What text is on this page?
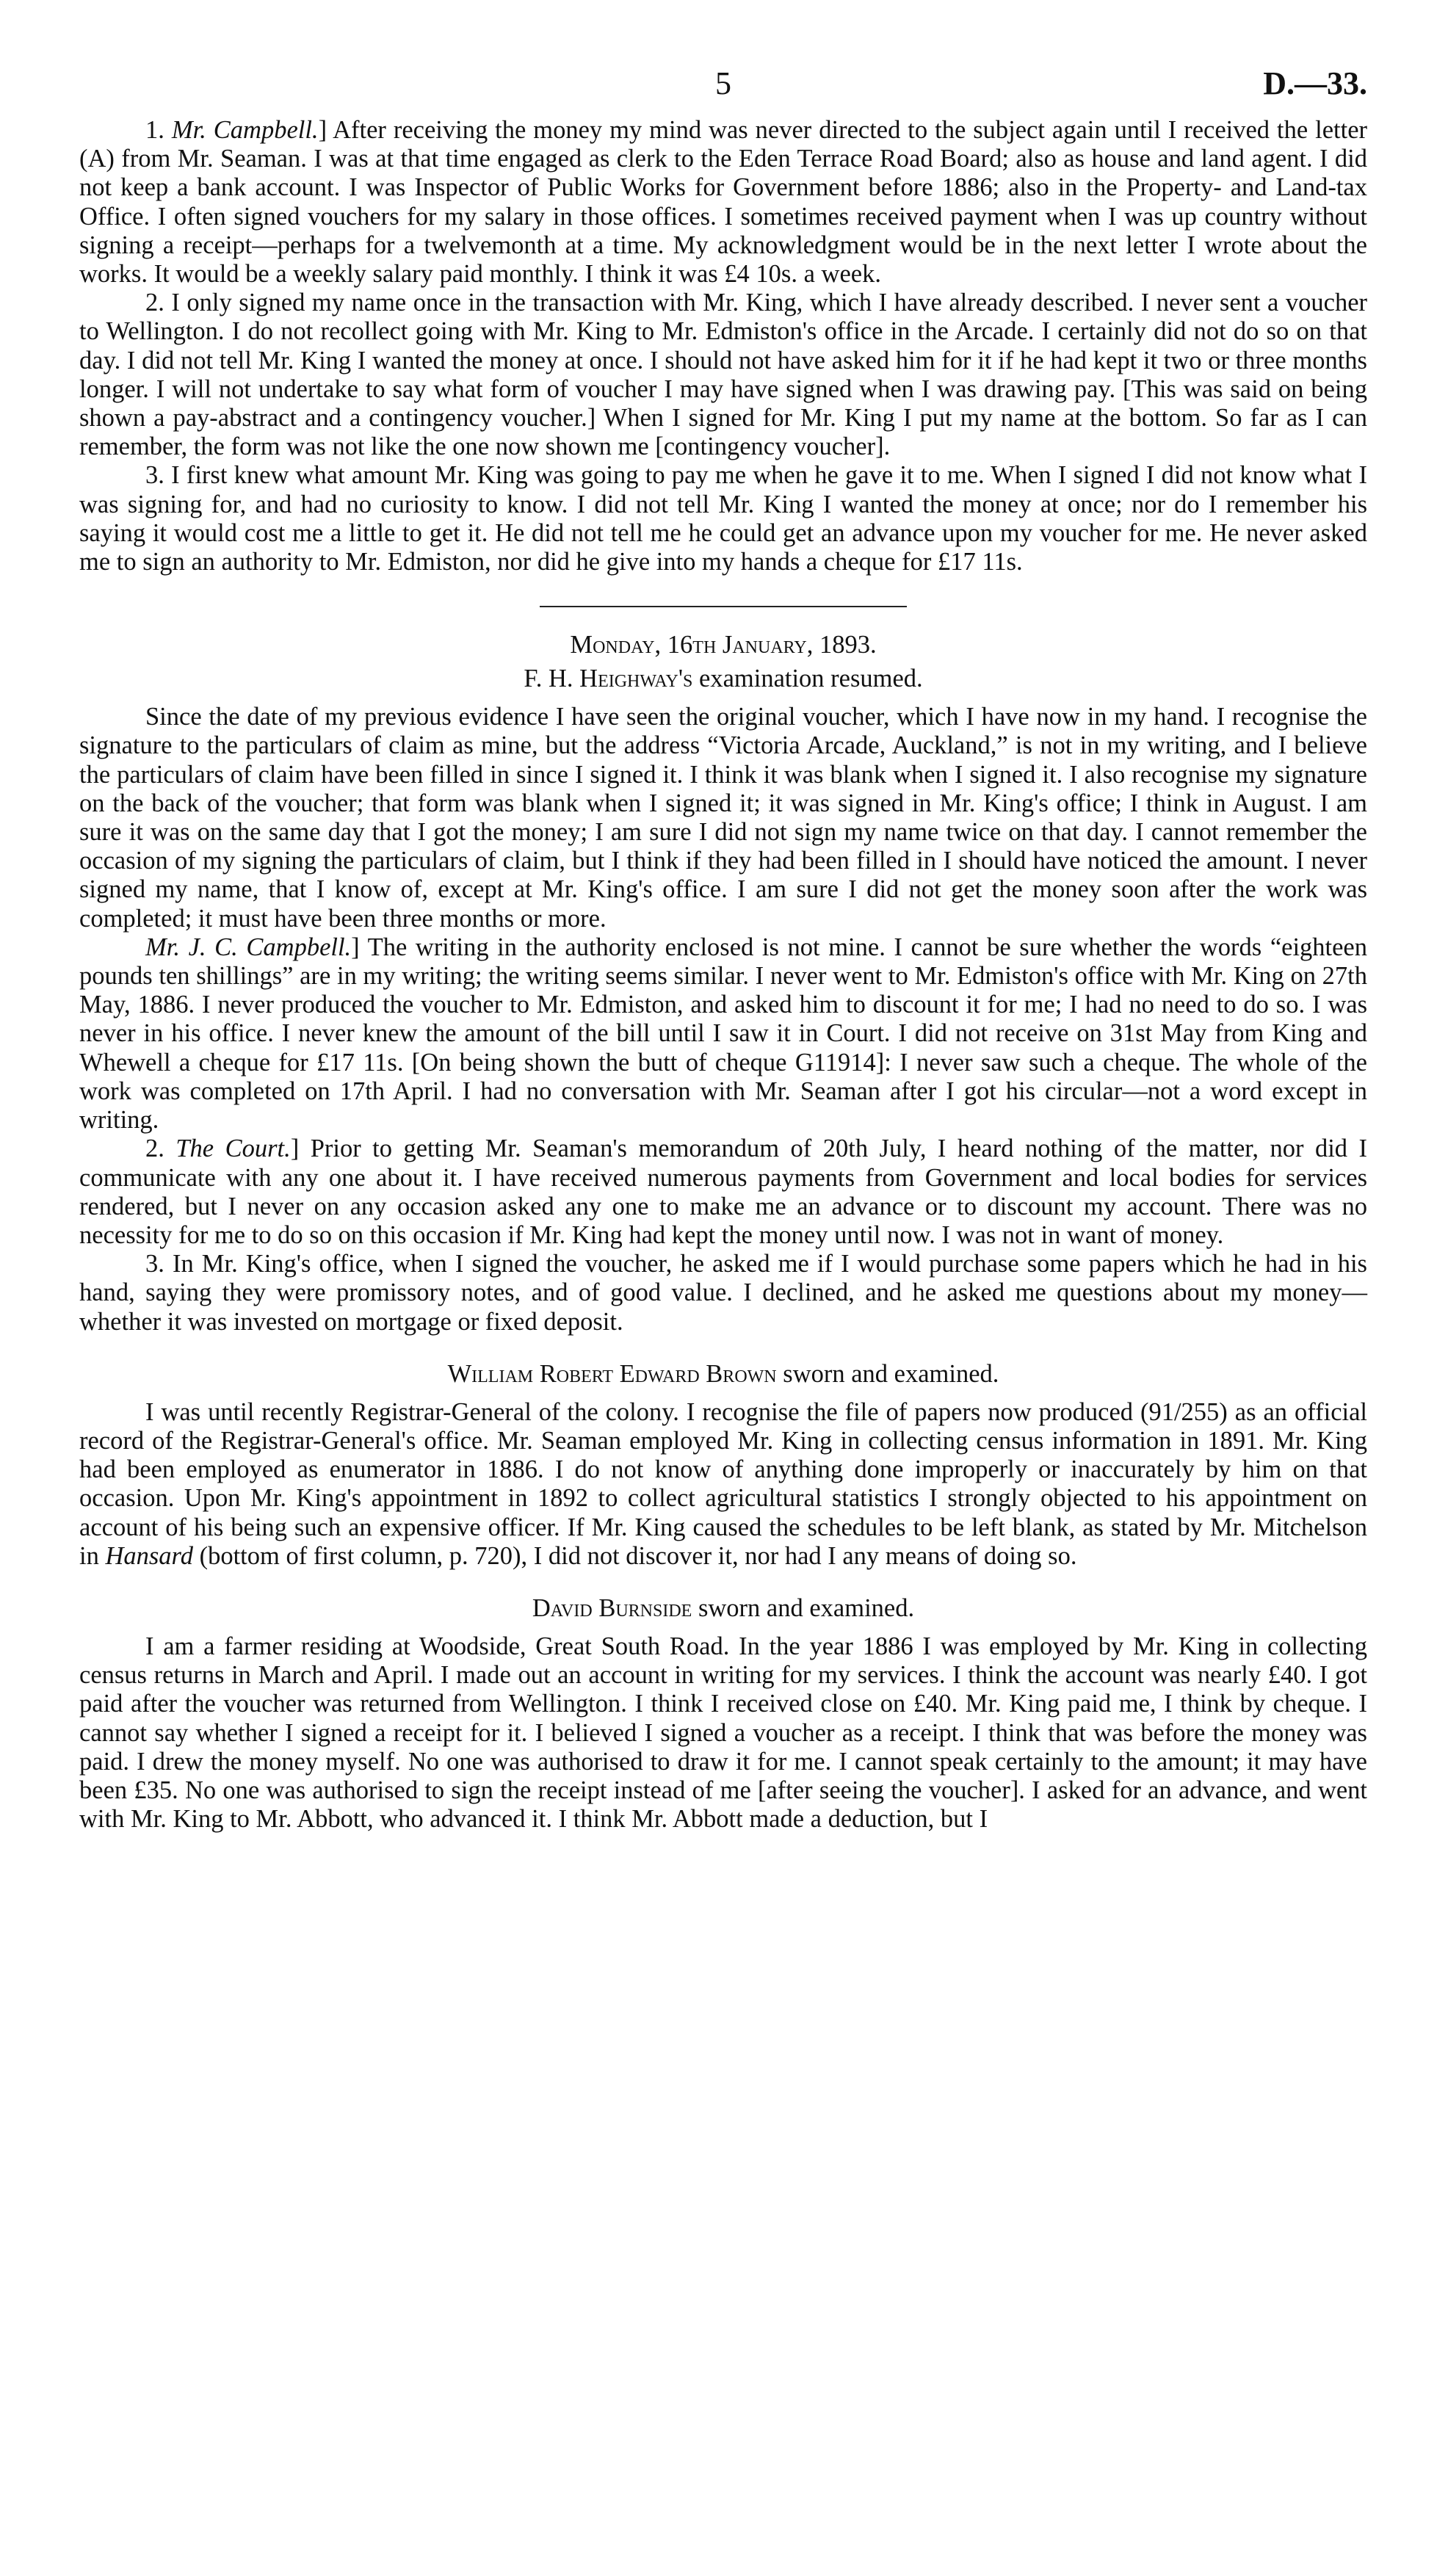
5	D.—33.

1. Mr. Campbell.] After receiving the money my mind was never directed to the subject again until I received the letter (A) from Mr. Seaman. I was at that time engaged as clerk to the Eden Terrace Road Board; also as house and land agent. I did not keep a bank account. I was Inspector of Public Works for Government before 1886; also in the Property- and Land-tax Office. I often signed vouchers for my salary in those offices. I sometimes received payment when I was up country without signing a receipt—perhaps for a twelvemonth at a time. My acknowledgment would be in the next letter I wrote about the works. It would be a weekly salary paid monthly. I think it was £4 10s. a week.

2. I only signed my name once in the transaction with Mr. King, which I have already described. I never sent a voucher to Wellington. I do not recollect going with Mr. King to Mr. Edmiston's office in the Arcade. I certainly did not do so on that day. I did not tell Mr. King I wanted the money at once. I should not have asked him for it if he had kept it two or three months longer. I will not undertake to say what form of voucher I may have signed when I was drawing pay. [This was said on being shown a pay-abstract and a contingency voucher.] When I signed for Mr. King I put my name at the bottom. So far as I can remember, the form was not like the one now shown me [contingency voucher].

3. I first knew what amount Mr. King was going to pay me when he gave it to me. When I signed I did not know what I was signing for, and had no curiosity to know. I did not tell Mr. King I wanted the money at once; nor do I remember his saying it would cost me a little to get it. He did not tell me he could get an advance upon my voucher for me. He never asked me to sign an authority to Mr. Edmiston, nor did he give into my hands a cheque for £17 11s.

Monday, 16th January, 1893.
F. H. Heighway's examination resumed.

Since the date of my previous evidence I have seen the original voucher, which I have now in my hand. I recognise the signature to the particulars of claim as mine, but the address “Victoria Arcade, Auckland,” is not in my writing, and I believe the particulars of claim have been filled in since I signed it. I think it was blank when I signed it. I also recognise my signature on the back of the voucher; that form was blank when I signed it; it was signed in Mr. King's office; I think in August. I am sure it was on the same day that I got the money; I am sure I did not sign my name twice on that day. I cannot remember the occasion of my signing the particulars of claim, but I think if they had been filled in I should have noticed the amount. I never signed my name, that I know of, except at Mr. King's office. I am sure I did not get the money soon after the work was completed; it must have been three months or more.

Mr. J. C. Campbell.] The writing in the authority enclosed is not mine. I cannot be sure whether the words “eighteen pounds ten shillings” are in my writing; the writing seems similar. I never went to Mr. Edmiston's office with Mr. King on 27th May, 1886. I never produced the voucher to Mr. Edmiston, and asked him to discount it for me; I had no need to do so. I was never in his office. I never knew the amount of the bill until I saw it in Court. I did not receive on 31st May from King and Whewell a cheque for £17 11s. [On being shown the butt of cheque G11914]: I never saw such a cheque. The whole of the work was completed on 17th April. I had no conversation with Mr. Seaman after I got his circular—not a word except in writing.

2. The Court.] Prior to getting Mr. Seaman's memorandum of 20th July, I heard nothing of the matter, nor did I communicate with any one about it. I have received numerous payments from Government and local bodies for services rendered, but I never on any occasion asked any one to make me an advance or to discount my account. There was no necessity for me to do so on this occasion if Mr. King had kept the money until now. I was not in want of money.

3. In Mr. King's office, when I signed the voucher, he asked me if I would purchase some papers which he had in his hand, saying they were promissory notes, and of good value. I declined, and he asked me questions about my money—whether it was invested on mortgage or fixed deposit.

William Robert Edward Brown sworn and examined.

I was until recently Registrar-General of the colony. I recognise the file of papers now produced (91/255) as an official record of the Registrar-General's office. Mr. Seaman employed Mr. King in collecting census information in 1891. Mr. King had been employed as enumerator in 1886. I do not know of anything done improperly or inaccurately by him on that occasion. Upon Mr. King's appointment in 1892 to collect agricultural statistics I strongly objected to his appointment on account of his being such an expensive officer. If Mr. King caused the schedules to be left blank, as stated by Mr. Mitchelson in Hansard (bottom of first column, p. 720), I did not discover it, nor had I any means of doing so.

David Burnside sworn and examined.

I am a farmer residing at Woodside, Great South Road. In the year 1886 I was employed by Mr. King in collecting census returns in March and April. I made out an account in writing for my services. I think the account was nearly £40. I got paid after the voucher was returned from Wellington. I think I received close on £40. Mr. King paid me, I think by cheque. I cannot say whether I signed a receipt for it. I believed I signed a voucher as a receipt. I think that was before the money was paid. I drew the money myself. No one was authorised to draw it for me. I cannot speak certainly to the amount; it may have been £35. No one was authorised to sign the receipt instead of me [after seeing the voucher]. I asked for an advance, and went with Mr. King to Mr. Abbott, who advanced it. I think Mr. Abbott made a deduction, but I
